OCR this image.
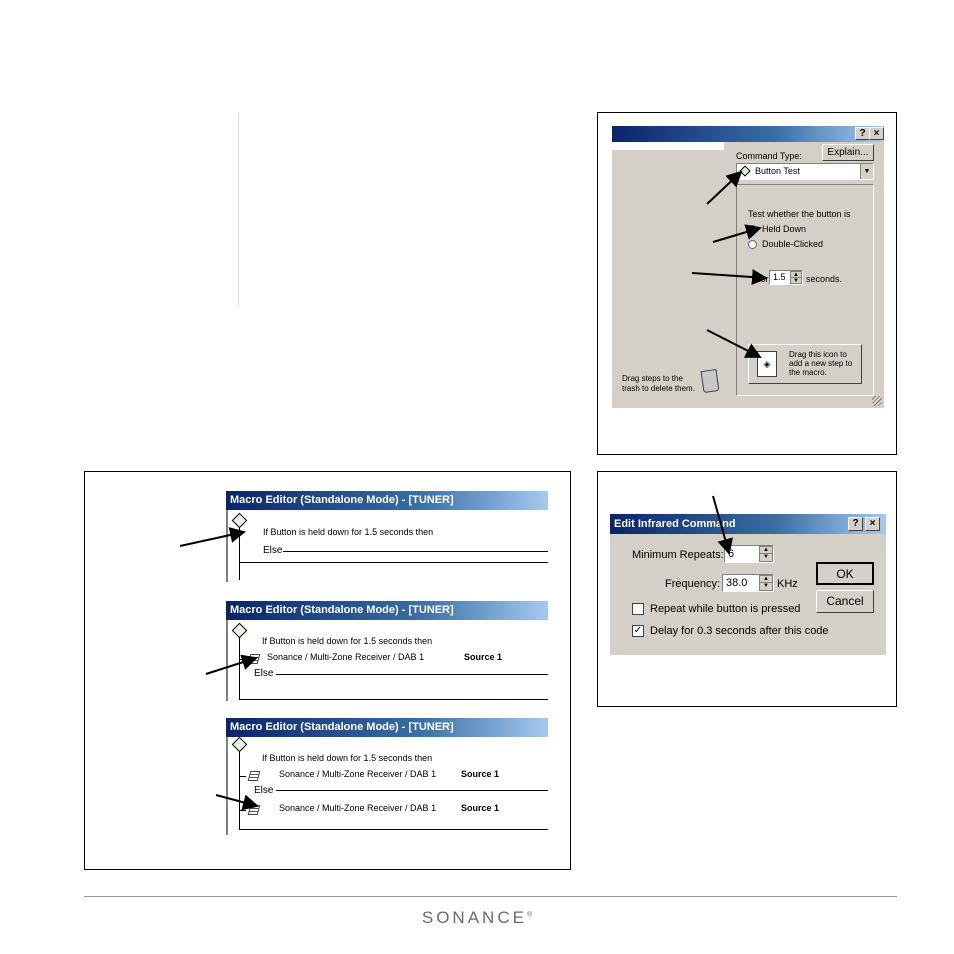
? ×
Command Type:	Explain...
Button Test	▼
Test whether the button is
Held Down
Double-Clicked
for 1.5	▲
▼ seconds.
◈
Drag this icon to add a new step to the macro.
Drag steps to the trash to delete them.
Macro Editor (Standalone Mode) - [TUNER]
If Button is held down for 1.5 seconds then
Else
Macro Editor (Standalone Mode) - [TUNER]
If Button is held down for 1.5 seconds then
Sonance / Multi-Zone Receiver / DAB 1	Source 1
Else
Macro Editor (Standalone Mode) - [TUNER]
If Button is held down for 1.5 seconds then
Sonance / Multi-Zone Receiver / DAB 1	Source 1
Else
Sonance / Multi-Zone Receiver / DAB 1	Source 1
Edit Infrared Command	?	×
Minimum Repeats: 6	▲
▼
Frequency: 38.0	▲
▼ KHz
OK
Cancel
Repeat while button is pressed
✓ Delay for 0.3 seconds after this code
SONANCE®
